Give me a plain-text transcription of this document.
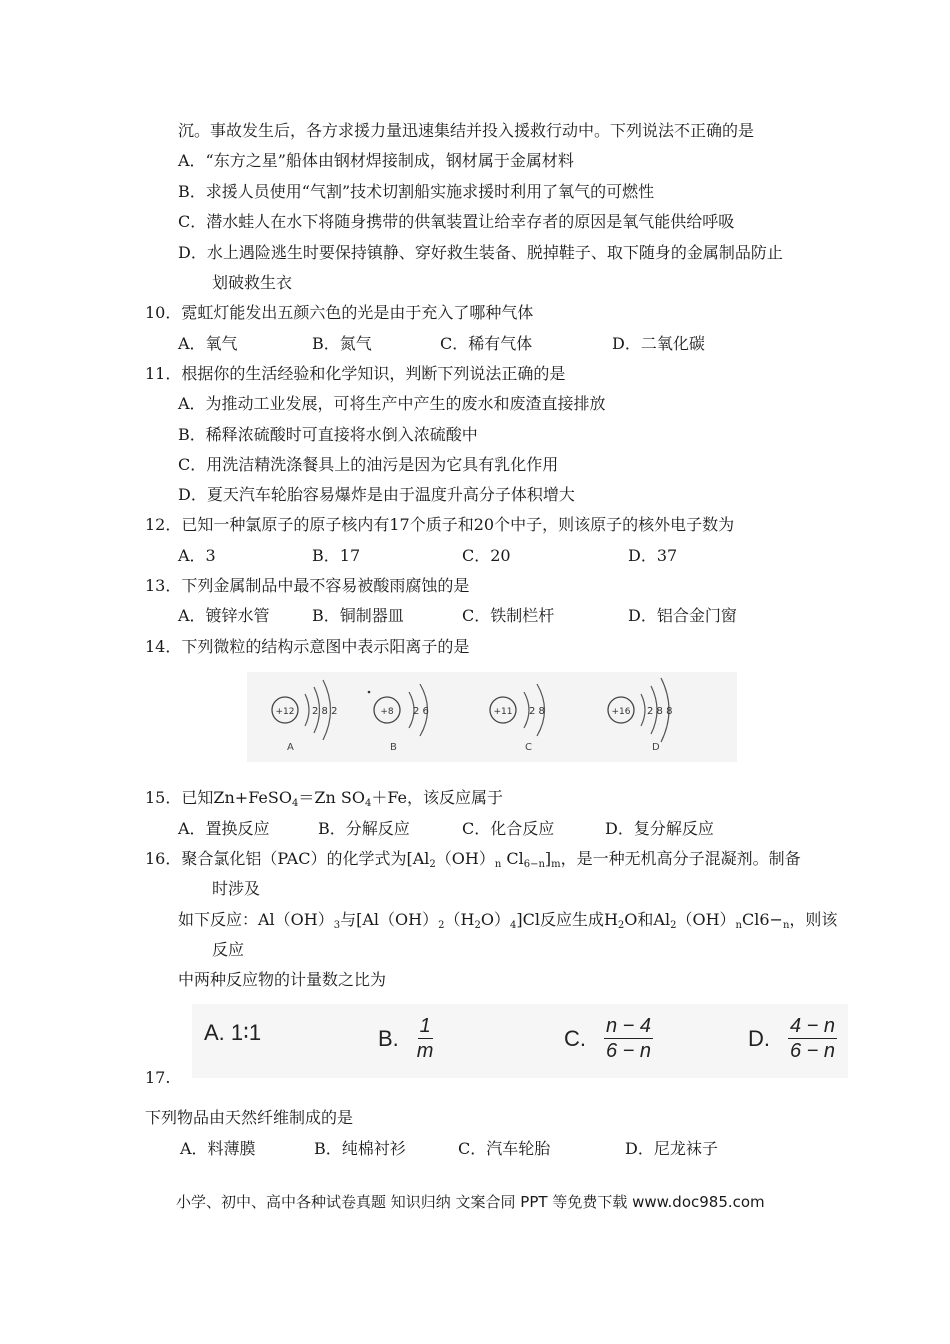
沉。事故发生后，各方求援力量迅速集结并投入援救行动中。下列说法不正确的是
A．“东方之星”船体由钢材焊接制成，钢材属于金属材料
B．求援人员使用“气割”技术切割船实施求援时利用了氧气的可燃性
C．潜水蛙人在水下将随身携带的供氧装置让给幸存者的原因是氧气能供给呼吸
D．水上遇险逃生时要保持镇静、穿好救生装备、脱掉鞋子、取下随身的金属制品防止
划破救生衣
10．霓虹灯能发出五颜六色的光是由于充入了哪种气体
A．氧气	B．氮气	C．稀有气体	D．二氧化碳
11．根据你的生活经验和化学知识，判断下列说法正确的是
A．为推动工业发展，可将生产中产生的废水和废渣直接排放
B．稀释浓硫酸时可直接将水倒入浓硫酸中
C．用洗洁精洗涤餐具上的油污是因为它具有乳化作用
D．夏天汽车轮胎容易爆炸是由于温度升高分子体积增大
12．已知一种氯原子的原子核内有17个质子和20个中子，则该原子的核外电子数为
A．3	B．17	C．20	D．37
13．下列金属制品中最不容易被酸雨腐蚀的是
A．镀锌水管	B．铜制器皿	C．铁制栏杆	D．铝合金门窗
14．下列微粒的结构示意图中表示阳离子的是
+12 2 8 2
A
+8 2 6
B
+11 2 8
C
+16 2 8 8
D
15．已知Zn+FeSO$_4$＝Zn $SO_4+Fe$，该反应属于
A．置换反应	B．分解反应	C．化合反应	D．复分解反应
16．聚合氯化铝（PAC）的化学式为[$Al_2(OH)_n$ $Cl_{6-n}]_m$，是一种无机高分子混凝剂。制备
时涉及
如下反应：$Al(OH)_3$与$[Al(OH)_2(H_2O)_4]Cl$反应生成$H_2O$和$Al_2(OH)_nCl6-_n$，则该
反应
中两种反应物的计量数之比为
A. 1∶1	B. $\frac{1}{m}$	C. $\frac{n - 4}{6 - n}$	D. $\frac{4 - n}{6 - n}$
17.
下列物品由天然纤维制成的是
A．料薄膜	B．纯棉衬衫	C．汽车轮胎	D．尼龙袜子
小学、初中、高中各种试卷真题 知识归纳 文案合同 PPT 等免费下载 www.doc985.com
